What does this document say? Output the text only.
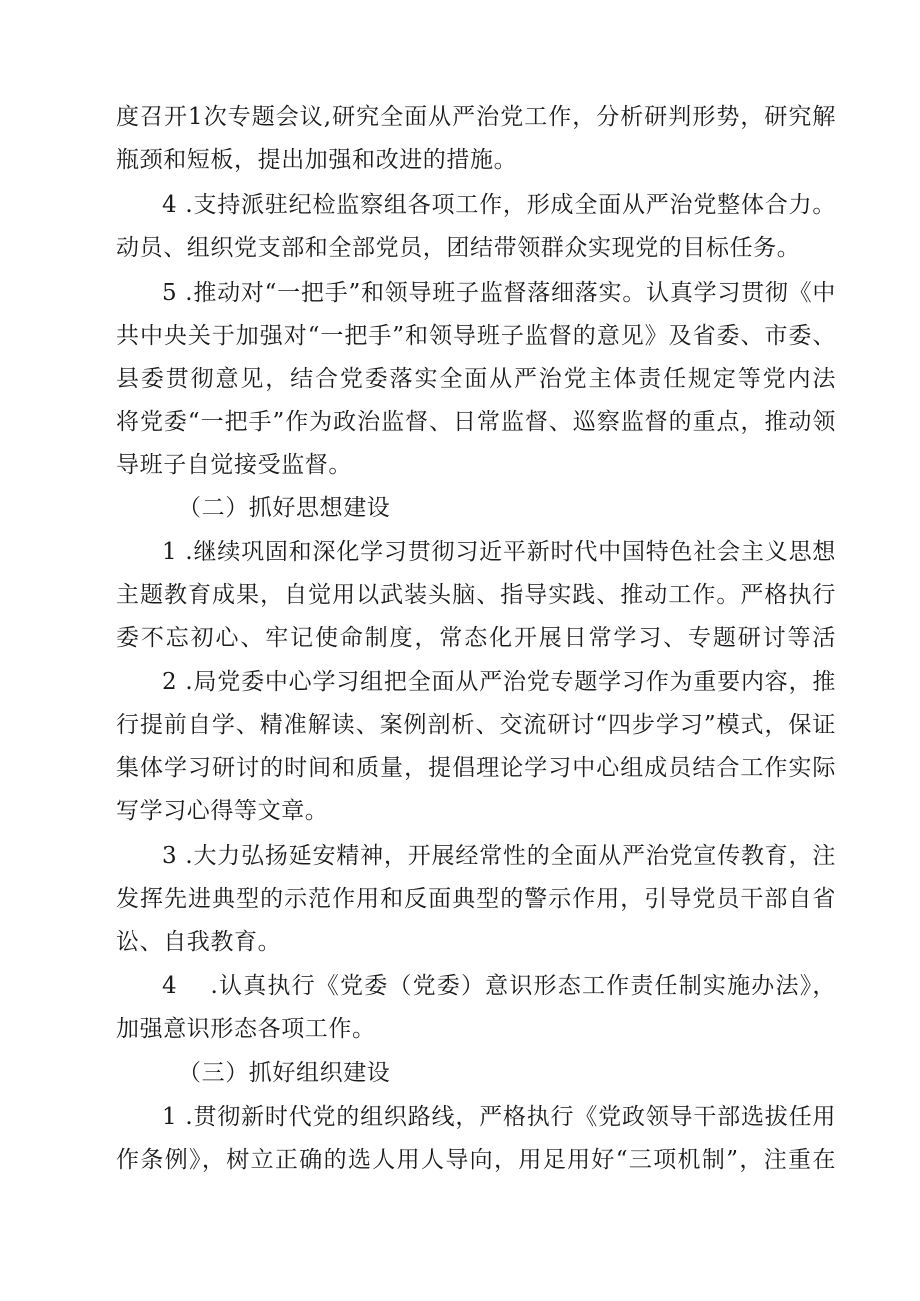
度召开1次专题会议,研究全面从严治党工作，分析研判形势，研究解
瓶颈和短板，提出加强和改进的措施。
4 .支持派驻纪检监察组各项工作，形成全面从严治党整体合力。
动员、组织党支部和全部党员，团结带领群众实现党的目标任务。
5 .推动对“一把手”和领导班子监督落细落实。认真学习贯彻《中
共中央关于加强对“一把手”和领导班子监督的意见》及省委、市委、
县委贯彻意见，结合党委落实全面从严治党主体责任规定等党内法
将党委“一把手”作为政治监督、日常监督、巡察监督的重点，推动领
导班子自觉接受监督。
（二）抓好思想建设
1 .继续巩固和深化学习贯彻习近平新时代中国特色社会主义思想
主题教育成果，自觉用以武装头脑、指导实践、推动工作。严格执行
委不忘初心、牢记使命制度，常态化开展日常学习、专题研讨等活
2 .局党委中心学习组把全面从严治党专题学习作为重要内容，推
行提前自学、精准解读、案例剖析、交流研讨“四步学习”模式，保证
集体学习研讨的时间和质量，提倡理论学习中心组成员结合工作实际
写学习心得等文章。
3 .大力弘扬延安精神，开展经常性的全面从严治党宣传教育，注
发挥先进典型的示范作用和反面典型的警示作用，引导党员干部自省
讼、自我教育。
4　 .认真执行《党委（党委）意识形态工作责任制实施办法》，
加强意识形态各项工作。
（三）抓好组织建设
1 .贯彻新时代党的组织路线，严格执行《党政领导干部选拔任用
作条例》，树立正确的选人用人导向，用足用好“三项机制”，注重在
